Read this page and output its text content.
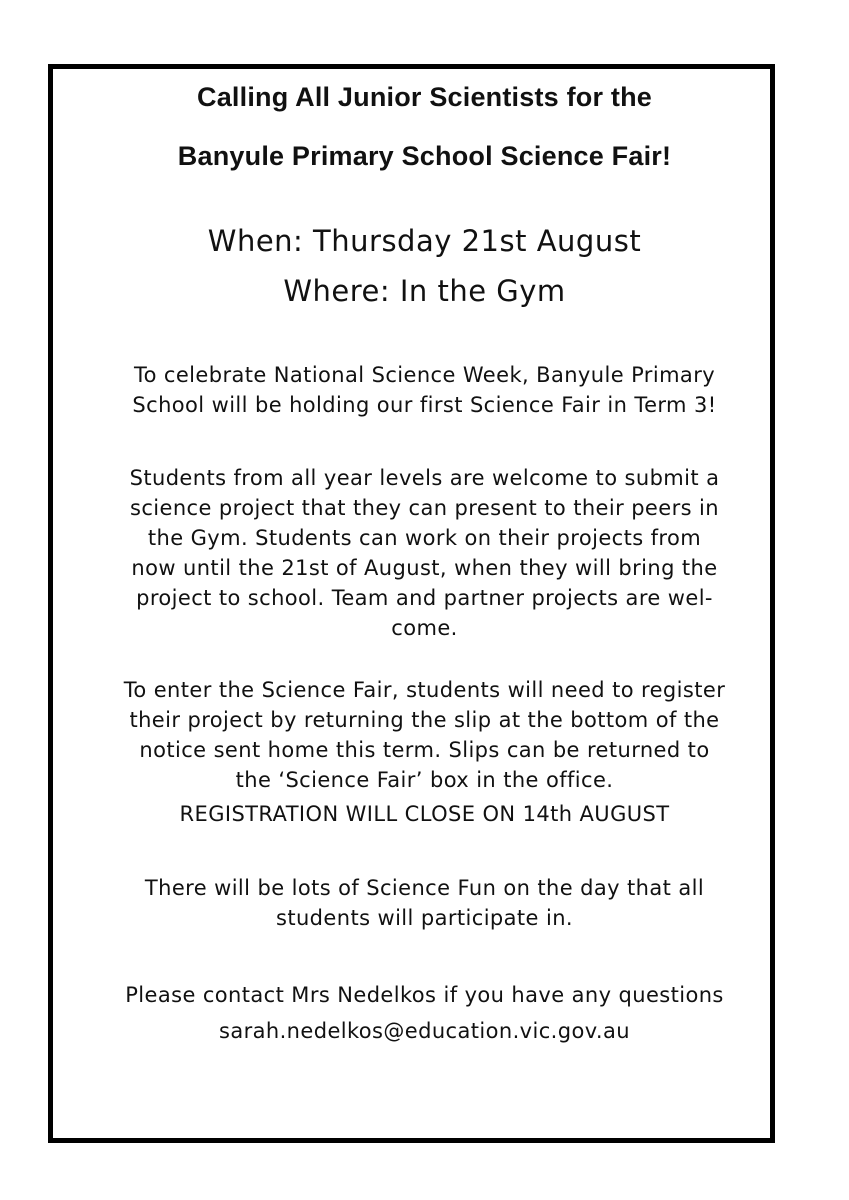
Calling All Junior Scientists for the
Banyule Primary School Science Fair!

When: Thursday 21st August

Where: In the Gym

To celebrate National Science Week, Banyule Primary
School will be holding our first Science Fair in Term 3!
Students from all year levels are welcome to submit a
science project that they can present to their peers in
the Gym. Students can work on their projects from
now until the 21st of August, when they will bring the
project to school. Team and partner projects are wel-
come.
To enter the Science Fair, students will need to register
their project by returning the slip at the bottom of the
notice sent home this term. Slips can be returned to
the ‘Science Fair’ box in the office.

REGISTRATION WILL CLOSE ON 14th AUGUST

There will be lots of Science Fun on the day that all
students will participate in.

Please contact Mrs Nedelkos if you have any questions

sarah.nedelkos@education.vic.gov.au
